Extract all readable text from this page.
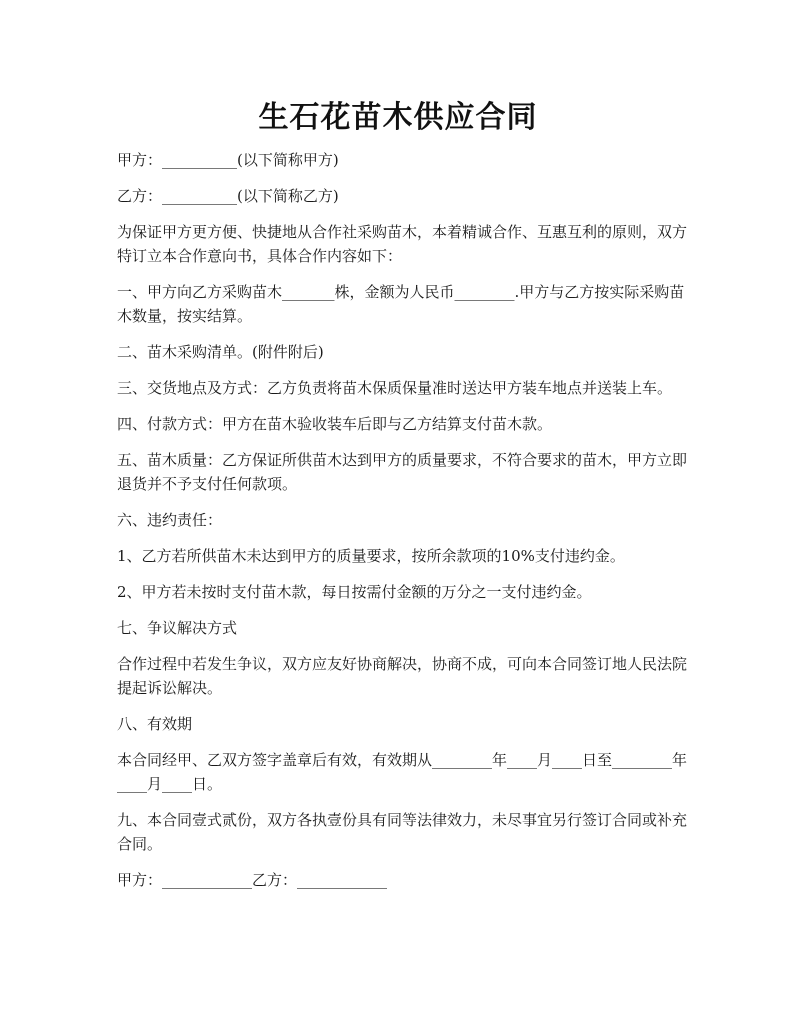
生石花苗木供应合同

甲方：__________(以下简称甲方)

乙方：__________(以下简称乙方)

为保证甲方更方便、快捷地从合作社采购苗木，本着精诚合作、互惠互利的原则，双方特订立本合作意向书，具体合作内容如下：

一、甲方向乙方采购苗木_______株，金额为人民币________.甲方与乙方按实际采购苗木数量，按实结算。

二、苗木采购清单。(附件附后)

三、交货地点及方式：乙方负责将苗木保质保量准时送达甲方装车地点并送装上车。

四、付款方式：甲方在苗木验收装车后即与乙方结算支付苗木款。

五、苗木质量：乙方保证所供苗木达到甲方的质量要求，不符合要求的苗木，甲方立即退货并不予支付任何款项。

六、违约责任：

1、乙方若所供苗木未达到甲方的质量要求，按所余款项的10%支付违约金。

2、甲方若未按时支付苗木款，每日按需付金额的万分之一支付违约金。

七、争议解决方式

合作过程中若发生争议，双方应友好协商解决，协商不成，可向本合同签订地人民法院提起诉讼解决。

八、有效期

本合同经甲、乙双方签字盖章后有效，有效期从________年____月____日至________年____月____日。

九、本合同壹式贰份，双方各执壹份具有同等法律效力，未尽事宜另行签订合同或补充合同。

甲方：____________乙方：____________
